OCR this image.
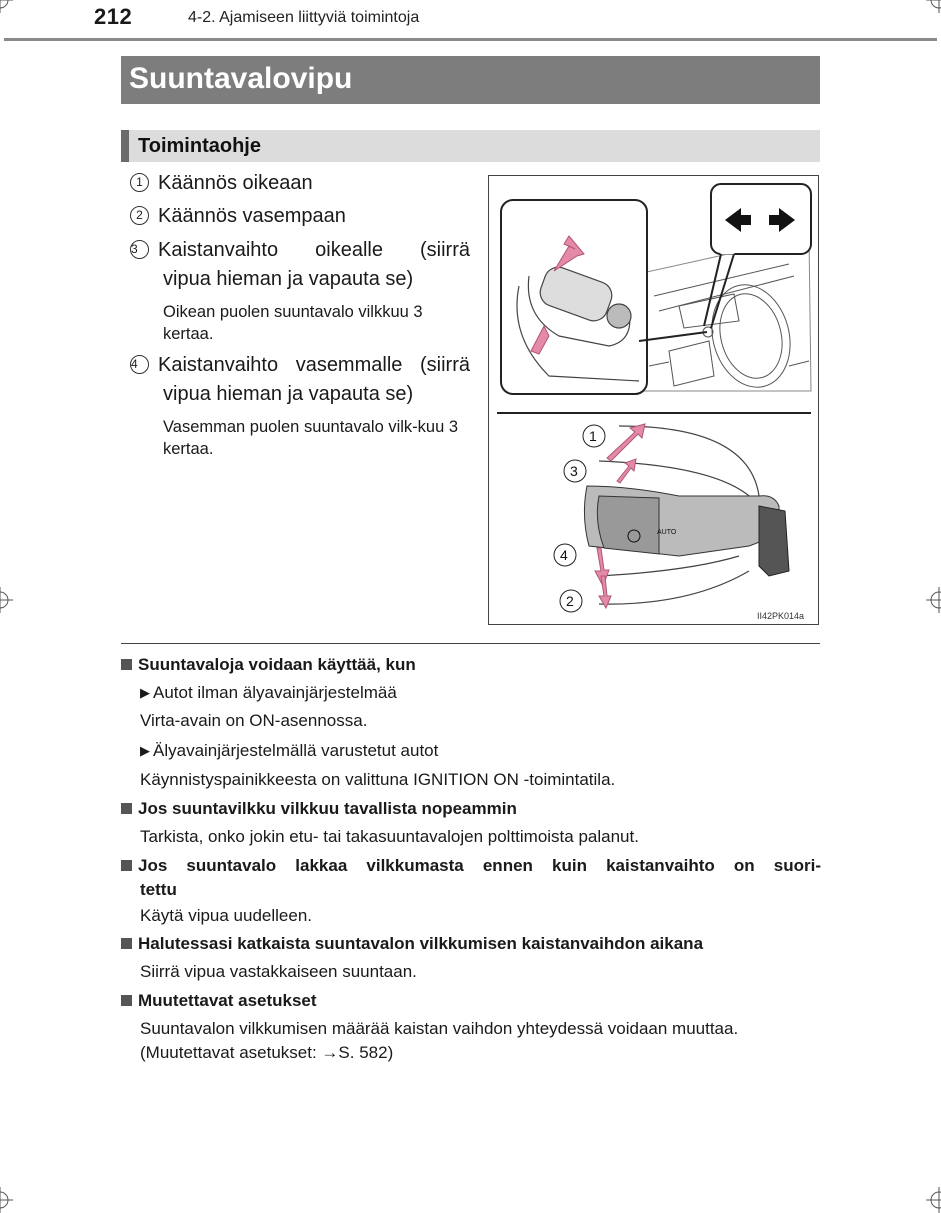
212	4-2. Ajamiseen liittyviä toimintoja
Suuntavalovipu
Toimintaohje
1 Käännös oikeaan
2 Käännös vasempaan
3 Kaistanvaihto oikealle (siirrä
vipua hieman ja vapauta se)
Oikean puolen suuntavalo vilkkuu 3 kertaa.
4 Kaistanvaihto vasemmalle (siirrä
vipua hieman ja vapauta se)
Vasemman puolen suuntavalo vilk-kuu 3 kertaa.
AUTO
1
3
4
2
II42PK014a
Suuntavaloja voidaan käyttää, kun
▶ Autot ilman älyavainjärjestelmää
Virta-avain on ON-asennossa.
▶ Älyavainjärjestelmällä varustetut autot
Käynnistyspainikkeesta on valittuna IGNITION ON -toimintatila.
Jos suuntavilkku vilkkuu tavallista nopeammin
Tarkista, onko jokin etu- tai takasuuntavalojen polttimoista palanut.
Jos suuntavalo lakkaa vilkkumasta ennen kuin kaistanvaihto on suori-
tettu
Käytä vipua uudelleen.
Halutessasi katkaista suuntavalon vilkkumisen kaistanvaihdon aikana
Siirrä vipua vastakkaiseen suuntaan.
Muutettavat asetukset
Suuntavalon vilkkumisen määrää kaistan vaihdon yhteydessä voidaan muuttaa.
(Muutettavat asetukset: →S. 582)
